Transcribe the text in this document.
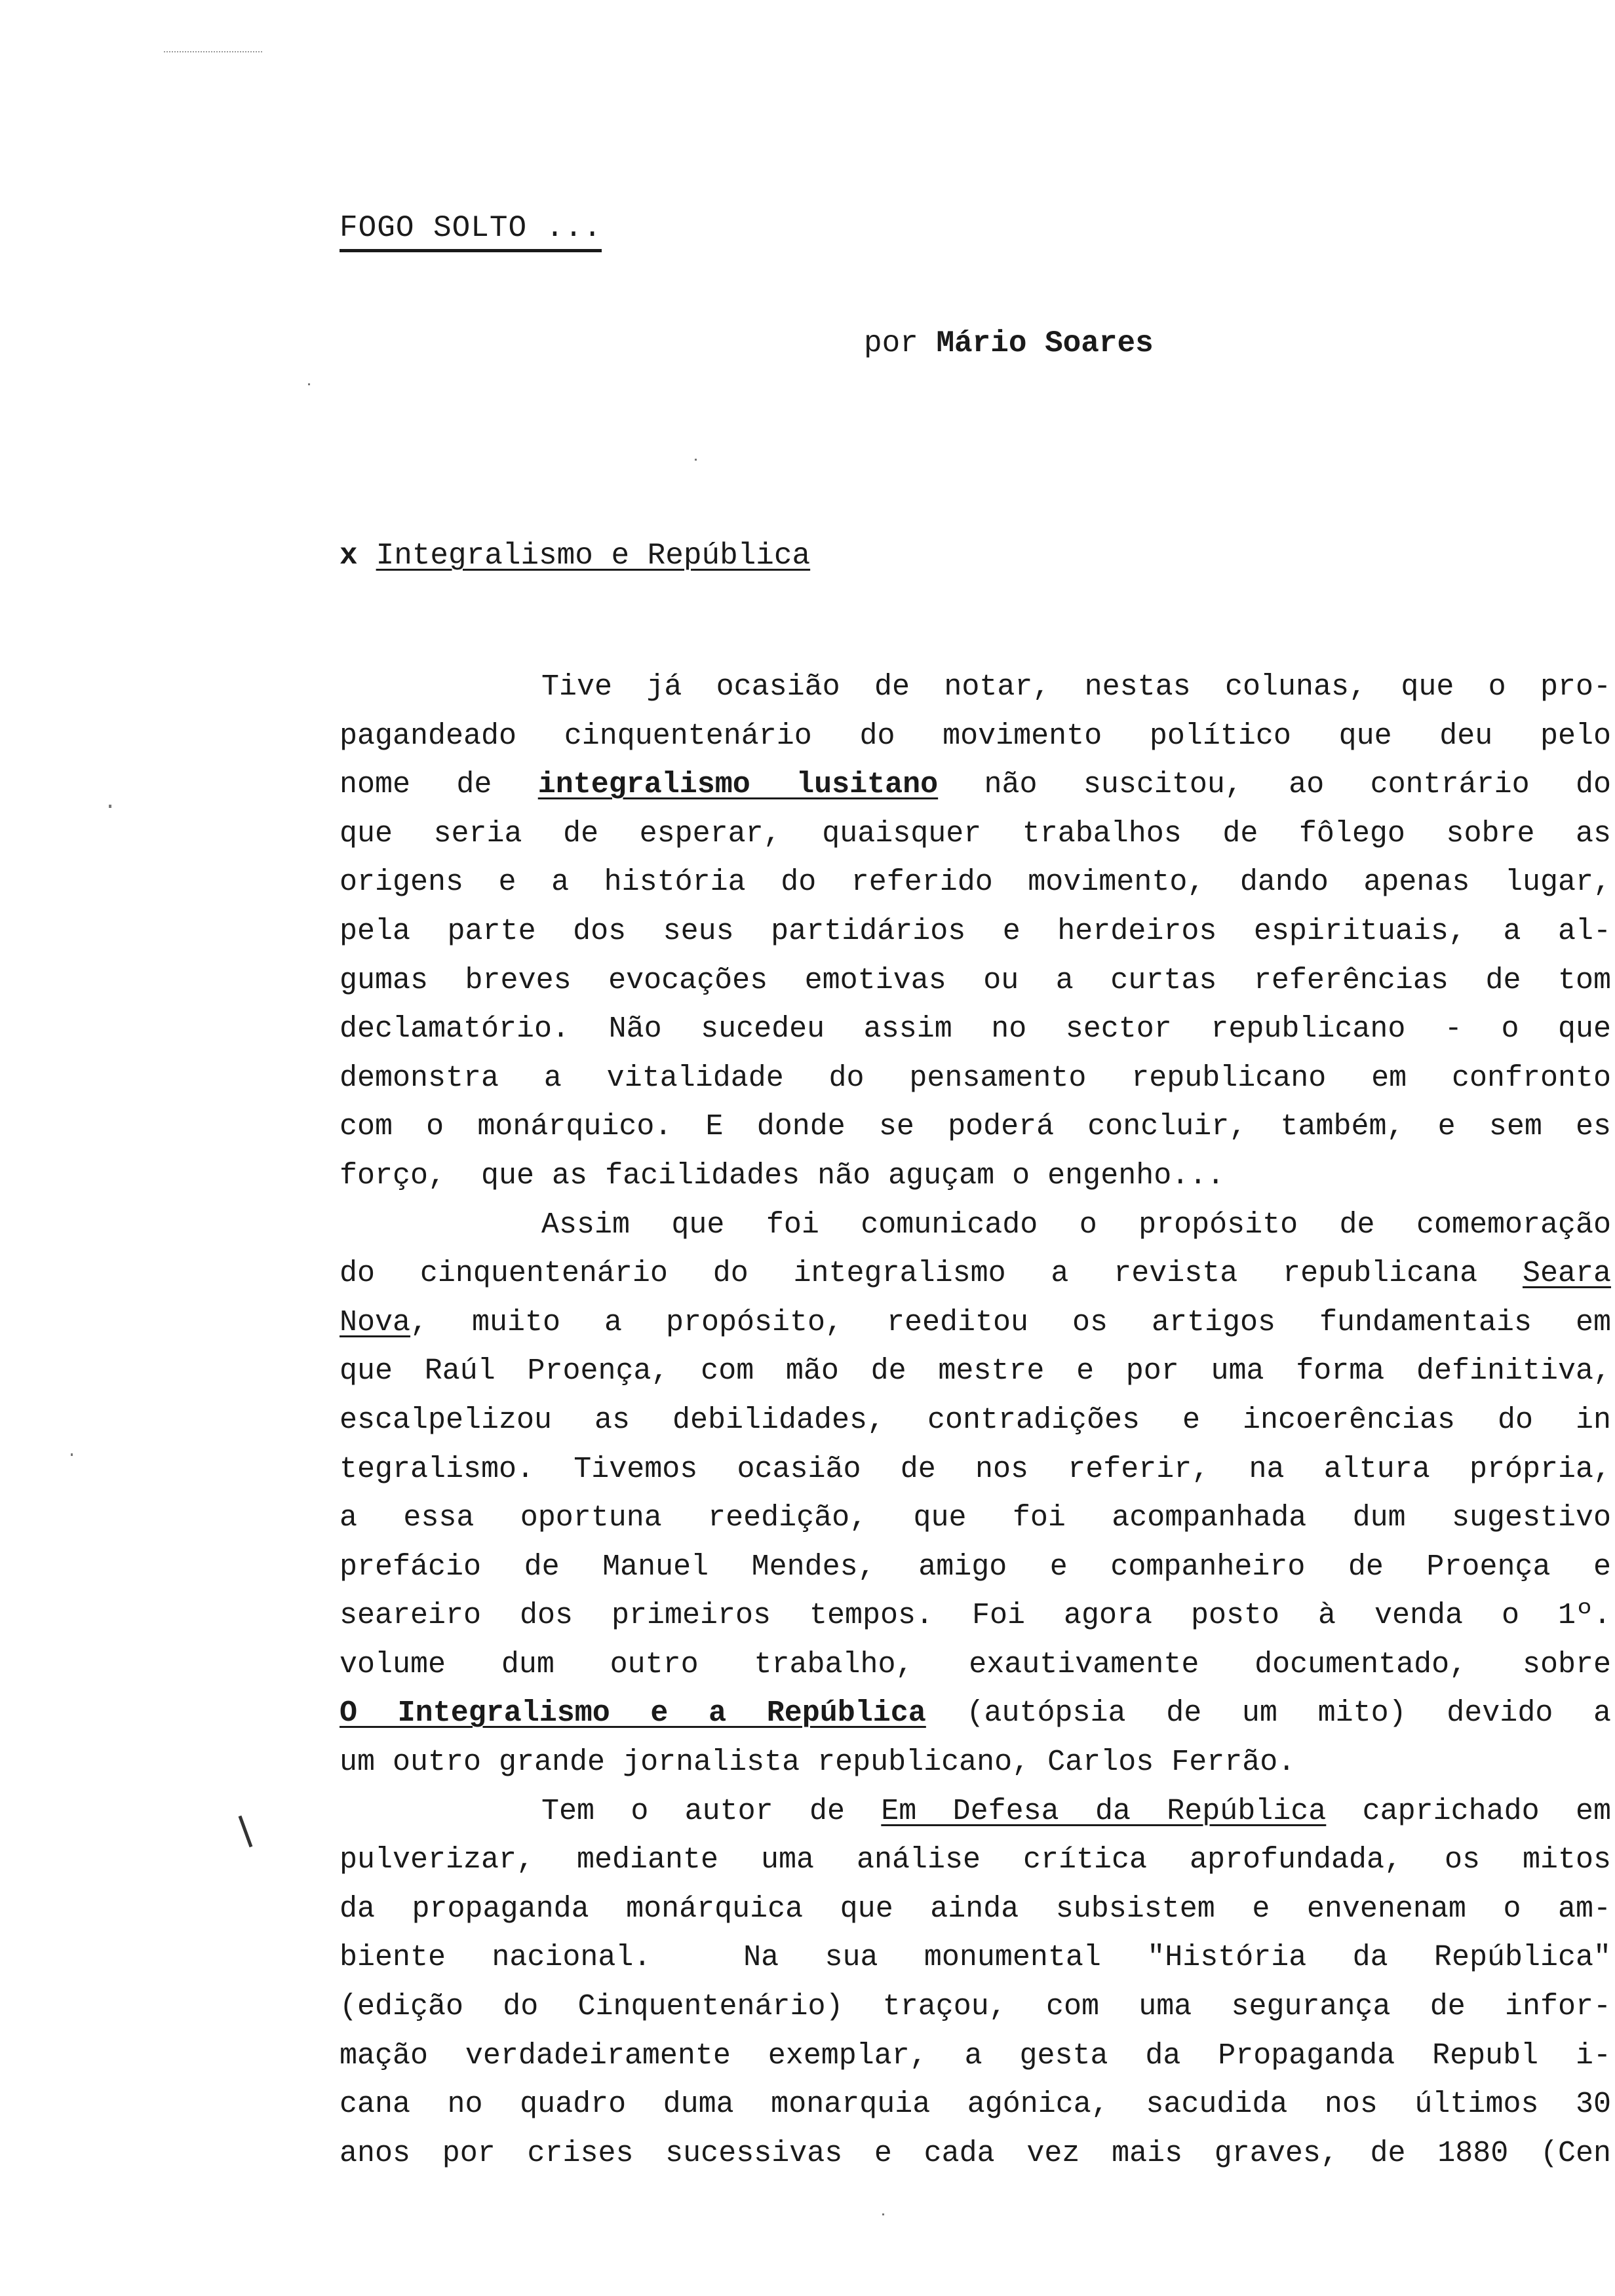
FOGO SOLTO ...
por Mário Soares
x Integralismo e República
Tive já ocasião de notar, nestas colunas, que o pro-
pagandeado cinquentenário do movimento político que deu pelo
nome de integralismo lusitano não suscitou, ao contrário do
que seria de esperar, quaisquer trabalhos de fôlego sobre as
origens e a história do referido movimento, dando apenas lugar,
pela parte dos seus partidários e herdeiros espirituais, a al-
gumas breves evocações emotivas ou a curtas referências de tom
declamatório. Não sucedeu assim no sector republicano - o que
demonstra a vitalidade do pensamento republicano em confronto
com o monárquico. E donde se poderá concluir, também, e sem es
forço,  que as facilidades não aguçam o engenho...
Assim que foi comunicado o propósito de comemoração
do cinquentenário do integralismo a revista republicana Seara
Nova, muito a propósito, reeditou os artigos fundamentais em
que Raúl Proença, com mão de mestre e por uma forma definitiva,
escalpelizou as debilidades, contradições e incoerências do in
tegralismo. Tivemos ocasião de nos referir, na altura própria,
a essa oportuna reedição, que foi acompanhada dum sugestivo
prefácio de Manuel Mendes, amigo e companheiro de Proença e
seareiro dos primeiros tempos. Foi agora posto à venda o 1º.
volume dum outro trabalho, exautivamente documentado, sobre
O Integralismo e a República (autópsia de um mito) devido a
um outro grande jornalista republicano, Carlos Ferrão.
Tem o autor de Em Defesa da República caprichado em
pulverizar, mediante uma análise crítica aprofundada, os mitos
da propaganda monárquica que ainda subsistem e envenenam o am-
biente nacional.  Na sua monumental "História da República"
(edição do Cinquentenário) traçou, com uma segurança de infor-
mação verdadeiramente exemplar, a gesta da Propaganda Republ i-
cana no quadro duma monarquia agónica, sacudida nos últimos 30
anos por crises sucessivas e cada vez mais graves, de 1880 (Cen
